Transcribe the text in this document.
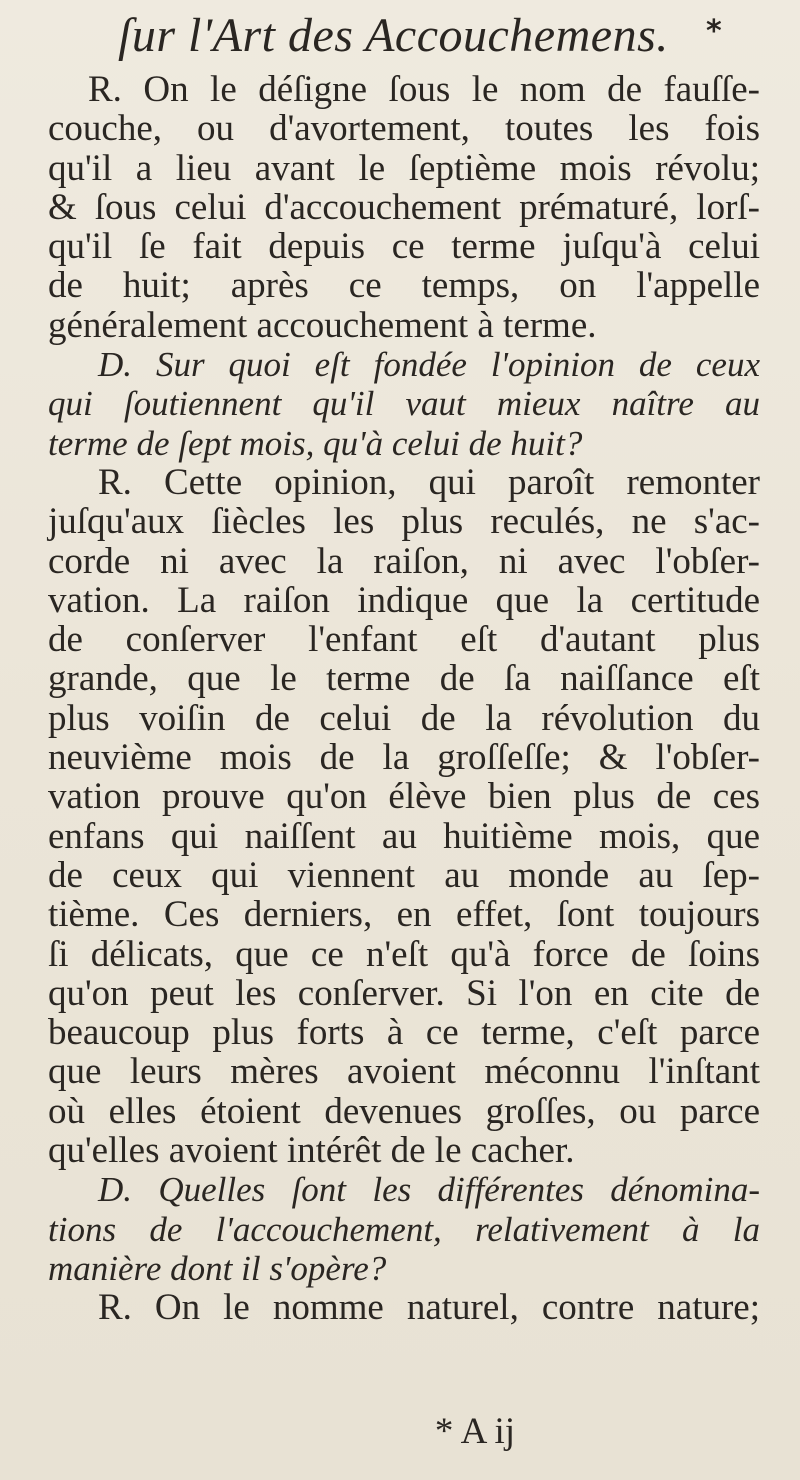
ſur l'Art des Accouchemens. *
R. On le déſigne ſous le nom de fauſſe-
couche, ou d'avortement, toutes les fois
qu'il a lieu avant le ſeptième mois révolu;
& ſous celui d'accouchement prématuré, lorſ-
qu'il ſe fait depuis ce terme juſqu'à celui
de huit; après ce temps, on l'appelle
généralement accouchement à terme.
D. Sur quoi eſt fondée l'opinion de ceux
qui ſoutiennent qu'il vaut mieux naître au
terme de ſept mois, qu'à celui de huit?
R. Cette opinion, qui paroît remonter
juſqu'aux ſiècles les plus reculés, ne s'ac-
corde ni avec la raiſon, ni avec l'obſer-
vation. La raiſon indique que la certitude
de conſerver l'enfant eſt d'autant plus
grande, que le terme de ſa naiſſance eſt
plus voiſin de celui de la révolution du
neuvième mois de la groſſeſſe; & l'obſer-
vation prouve qu'on élève bien plus de ces
enfans qui naiſſent au huitième mois, que
de ceux qui viennent au monde au ſep-
tième. Ces derniers, en effet, ſont toujours
ſi délicats, que ce n'eſt qu'à force de ſoins
qu'on peut les conſerver. Si l'on en cite de
beaucoup plus forts à ce terme, c'eſt parce
que leurs mères avoient méconnu l'inſtant
où elles étoient devenues groſſes, ou parce
qu'elles avoient intérêt de le cacher.
D. Quelles ſont les différentes dénomina-
tions de l'accouchement, relativement à la
manière dont il s'opère?
R. On le nomme naturel, contre nature;
* A ij
